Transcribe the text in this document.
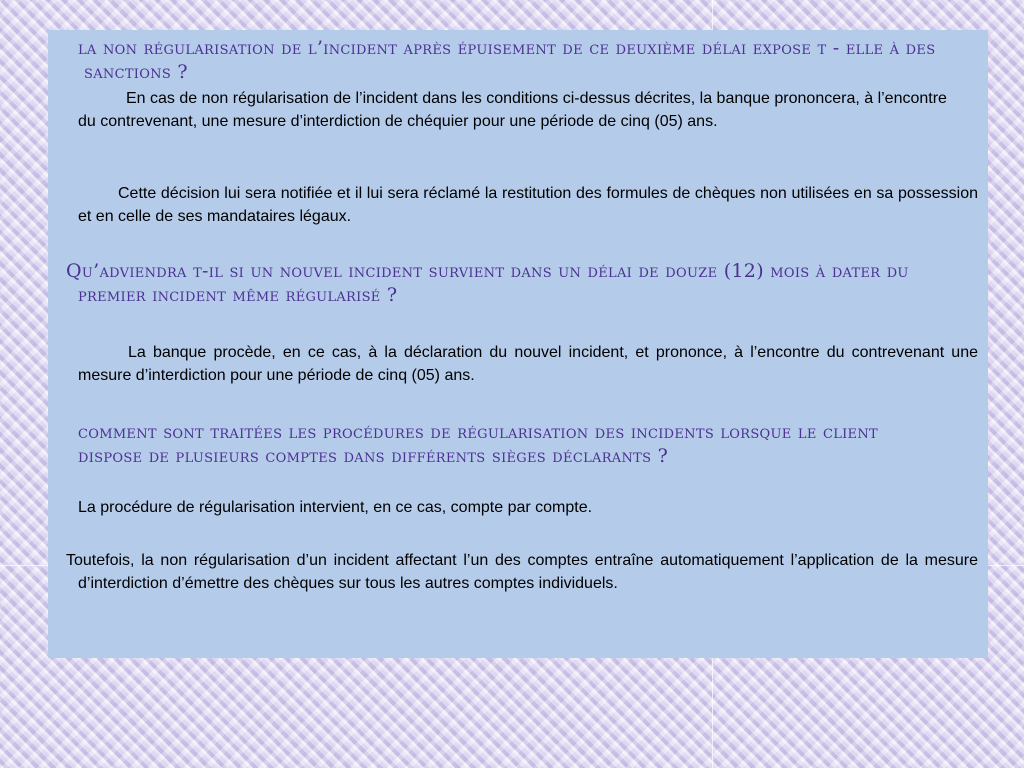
la non régularisation de l’incident après épuisement de ce deuxième délai expose t - elle à des sanctions ?

En cas de non régularisation de l’incident dans les conditions ci-dessus décrites, la banque prononcera, à l’encontre du contrevenant, une mesure d’interdiction de chéquier pour une période de cinq (05) ans.

Cette décision lui sera notifiée et il lui sera réclamé la restitution des formules de chèques non utilisées en sa possession et en celle de ses mandataires légaux.

Qu’adviendra t-il si un nouvel incident survient dans un délai de douze (12) mois à dater du premier incident même régularisé ?

La banque procède, en ce cas, à la déclaration du nouvel incident, et prononce, à l’encontre du contrevenant une mesure d’interdiction pour une période de cinq (05) ans.

comment sont traitées les procédures de régularisation des incidents lorsque le client dispose de plusieurs comptes dans différents sièges déclarants ?

La procédure de régularisation intervient, en ce cas, compte par compte.

Toutefois, la non régularisation d’un incident affectant l’un des comptes entraîne automatiquement l’application de la mesure d’interdiction d’émettre des chèques sur tous les autres comptes individuels.
